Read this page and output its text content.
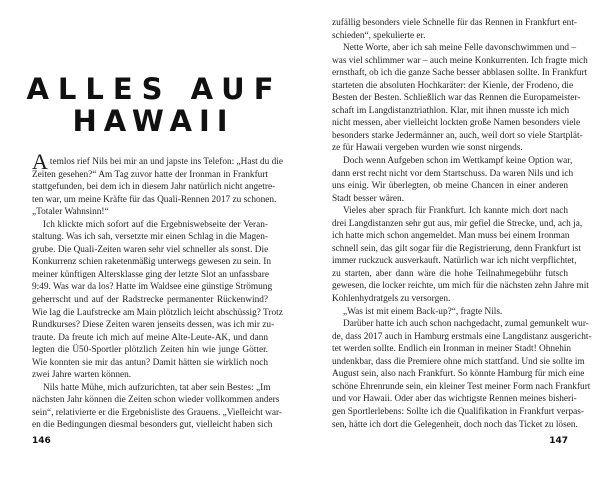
ALLES AUF
HAWAII
Atemlos rief Nils bei mir an und japste ins Telefon: „Hast du die
Zeiten gesehen?“ Am Tag zuvor hatte der Ironman in Frankfurt
stattgefunden, bei dem ich in diesem Jahr natürlich nicht angetre-
ten war, um meine Kräfte für das Quali-Rennen 2017 zu schonen.
„Totaler Wahnsinn!“
Ich klickte mich sofort auf die Ergebniswebseite der Veran-
staltung. Was ich sah, versetzte mir einen Schlag in die Magen-
grube. Die Quali-Zeiten waren sehr viel schneller als sonst. Die
Konkurrenz schien raketenmäßig unterwegs gewesen zu sein. In
meiner künftigen Altersklasse ging der letzte Slot an unfassbare
9:49. Was war da los? Hatte im Waldsee eine günstige Strömung
geherrscht und auf der Radstrecke permanenter Rückenwind?
Wie lag die Laufstrecke am Main plötzlich leicht abschüssig? Trotz
Rundkurses? Diese Zeiten waren jenseits dessen, was ich mir zu-
traute. Da freute ich mich auf meine Alte-Leute-AK, und dann
legten die Ü50-Sportler plötzlich Zeiten hin wie junge Götter.
Wie konnten sie mir das antun? Damit hätten sie wirklich noch
zwei Jahre warten können.
Nils hatte Mühe, mich aufzurichten, tat aber sein Bestes: „Im
nächsten Jahr können die Zeiten schon wieder vollkommen anders
sein“, relativierte er die Ergebnisliste des Grauens. „Vielleicht war-
en die Bedingungen diesmal besonders gut, vielleicht haben sich
146
zufällig besonders viele Schnelle für das Rennen in Frankfurt ent-
schieden“, spekulierte er.
Nette Worte, aber ich sah meine Felle davonschwimmen und –
was viel schlimmer war – auch meine Konkurrenten. Ich fragte mich
ernsthaft, ob ich die ganze Sache besser abblasen sollte. In Frankfurt
starteten die absoluten Hochkaräter: der Kienle, der Frodeno, die
Besten der Besten. Schließlich war das Rennen die Europameister-
schaft im Langdistanztriathlon. Klar, mit ihnen musste ich mich
nicht messen, aber vielleicht lockten große Namen besonders viele
besonders starke Jedermänner an, auch, weil dort so viele Startplät-
ze für Hawaii vergeben wurden wie sonst nirgends.
Doch wenn Aufgeben schon im Wettkampf keine Option war,
dann erst recht nicht vor dem Startschuss. Da waren Nils und ich
uns einig. Wir überlegten, ob meine Chancen in einer anderen
Stadt besser wären.
Vieles aber sprach für Frankfurt. Ich kannte mich dort nach
drei Langdistanzen sehr gut aus, mir gefiel die Strecke, und, ach ja,
ich hatte mich schon angemeldet. Man muss bei einem Ironman
schnell sein, das gilt sogar für die Registrierung, denn Frankfurt ist
immer ruckzuck ausverkauft. Natürlich war ich nicht verpflichtet,
zu starten, aber dann wäre die hohe Teilnahmegebühr futsch
gewesen, die locker reichte, um mich für die nächsten zehn Jahre mit
Kohlenhydratgels zu versorgen.
„Was ist mit einem Back-up?“, fragte Nils.
Darüber hatte ich auch schon nachgedacht, zumal gemunkelt wur-
de, dass 2017 auch in Hamburg erstmals eine Langdistanz ausgericht-
tet werden sollte. Endlich ein Ironman in meiner Stadt! Ohnehin
undenkbar, dass die Premiere ohne mich stattfand. Und sie sollte im
August sein, also nach Frankfurt. So könnte Hamburg für mich eine
schöne Ehrenrunde sein, ein kleiner Test meiner Form nach Frankfurt
und vor Hawaii. Oder aber das wichtigste Rennen meines bisheri-
gen Sportlerlebens: Sollte ich die Qualifikation in Frankfurt verpas-
sen, hätte ich dort die Gelegenheit, doch noch das Ticket zu lösen.
147
